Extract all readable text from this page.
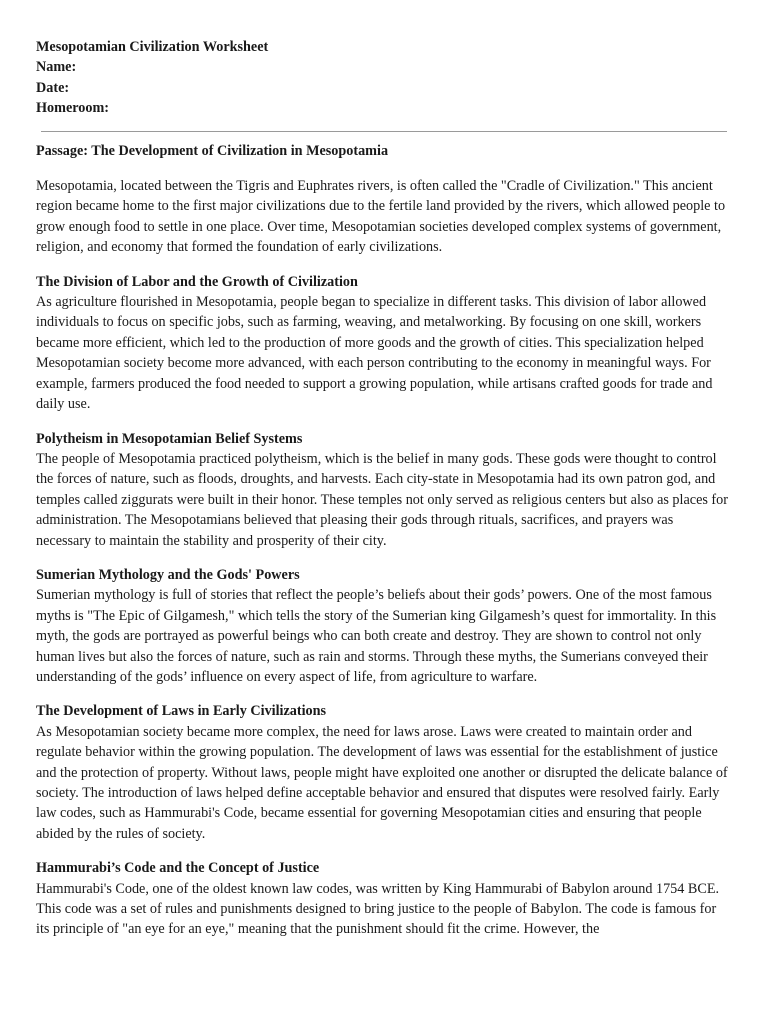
Mesopotamian Civilization Worksheet
Name:
Date:
Homeroom:
Passage: The Development of Civilization in Mesopotamia

Mesopotamia, located between the Tigris and Euphrates rivers, is often called the "Cradle of Civilization." This ancient region became home to the first major civilizations due to the fertile land provided by the rivers, which allowed people to grow enough food to settle in one place. Over time, Mesopotamian societies developed complex systems of government, religion, and economy that formed the foundation of early civilizations.

The Division of Labor and the Growth of Civilization

As agriculture flourished in Mesopotamia, people began to specialize in different tasks. This division of labor allowed individuals to focus on specific jobs, such as farming, weaving, and metalworking. By focusing on one skill, workers became more efficient, which led to the production of more goods and the growth of cities. This specialization helped Mesopotamian society become more advanced, with each person contributing to the economy in meaningful ways. For example, farmers produced the food needed to support a growing population, while artisans crafted goods for trade and daily use.

Polytheism in Mesopotamian Belief Systems

The people of Mesopotamia practiced polytheism, which is the belief in many gods. These gods were thought to control the forces of nature, such as floods, droughts, and harvests. Each city-state in Mesopotamia had its own patron god, and temples called ziggurats were built in their honor. These temples not only served as religious centers but also as places for administration. The Mesopotamians believed that pleasing their gods through rituals, sacrifices, and prayers was necessary to maintain the stability and prosperity of their city.

Sumerian Mythology and the Gods' Powers

Sumerian mythology is full of stories that reflect the people’s beliefs about their gods’ powers. One of the most famous myths is "The Epic of Gilgamesh," which tells the story of the Sumerian king Gilgamesh’s quest for immortality. In this myth, the gods are portrayed as powerful beings who can both create and destroy. They are shown to control not only human lives but also the forces of nature, such as rain and storms. Through these myths, the Sumerians conveyed their understanding of the gods’ influence on every aspect of life, from agriculture to warfare.

The Development of Laws in Early Civilizations

As Mesopotamian society became more complex, the need for laws arose. Laws were created to maintain order and regulate behavior within the growing population. The development of laws was essential for the establishment of justice and the protection of property. Without laws, people might have exploited one another or disrupted the delicate balance of society. The introduction of laws helped define acceptable behavior and ensured that disputes were resolved fairly. Early law codes, such as Hammurabi's Code, became essential for governing Mesopotamian cities and ensuring that people abided by the rules of society.

Hammurabi’s Code and the Concept of Justice

Hammurabi's Code, one of the oldest known law codes, was written by King Hammurabi of Babylon around 1754 BCE. This code was a set of rules and punishments designed to bring justice to the people of Babylon. The code is famous for its principle of "an eye for an eye," meaning that the punishment should fit the crime. However, the
